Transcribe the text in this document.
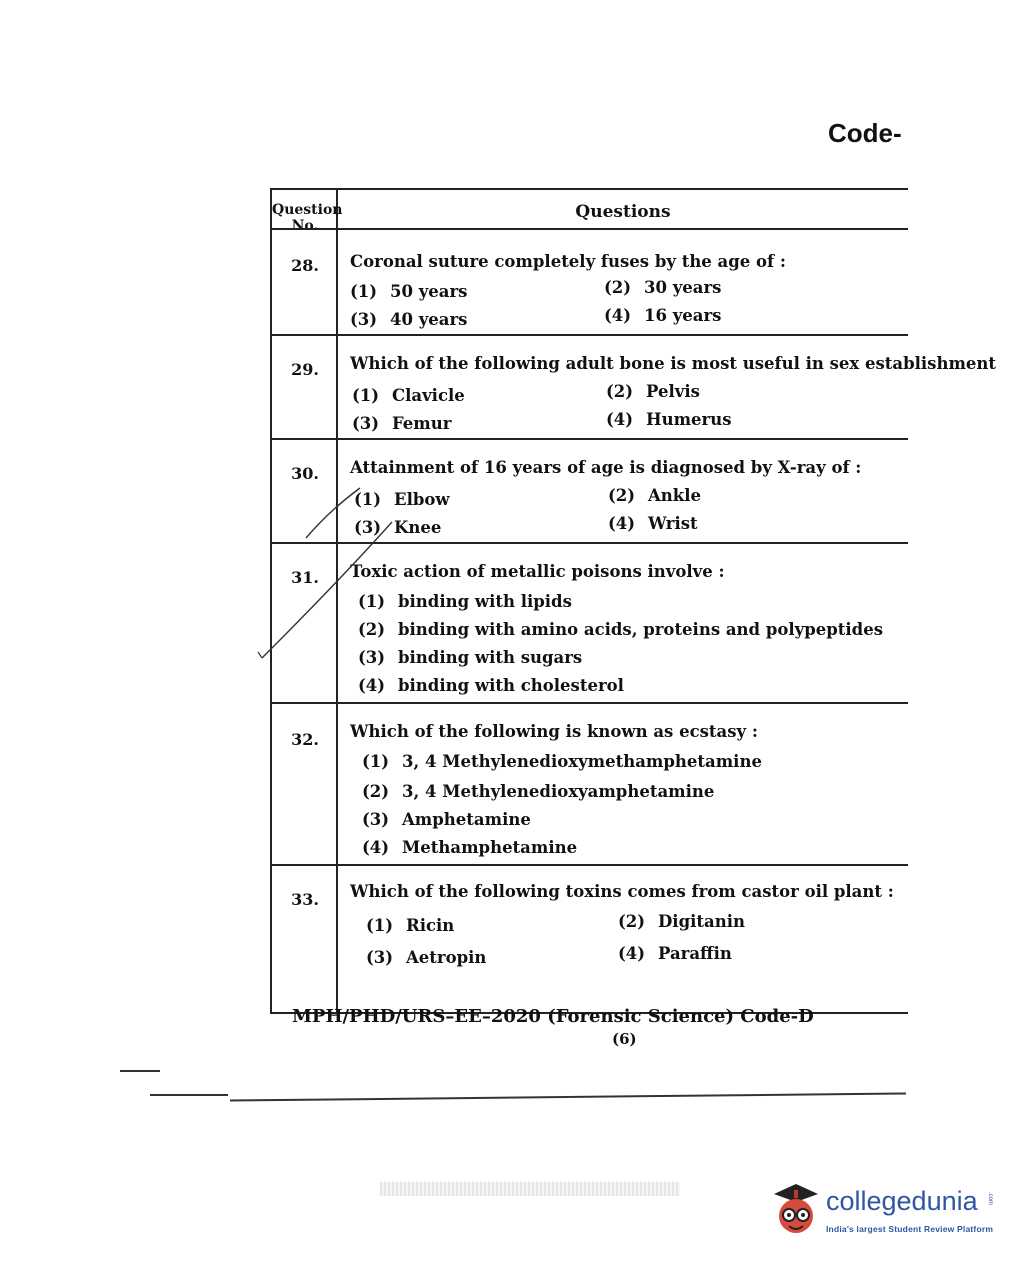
Code-
Question No.
Questions
28.	Coronal suture completely fuses by the age of :
(1) 50 years	(2) 30 years
(3) 40 years	(4) 16 years
29.	Which of the following adult bone is most useful in sex establishment
(1) Clavicle	(2) Pelvis
(3) Femur	(4) Humerus
30.	Attainment of 16 years of age is diagnosed by X-ray of :
(1) Elbow	(2) Ankle
(3) Knee	(4) Wrist
31.	Toxic action of metallic poisons involve :
(1) binding with lipids
(2) binding with amino acids, proteins and polypeptides
(3) binding with sugars
(4) binding with cholesterol
32.	Which of the following is known as ecstasy :
(1) 3, 4 Methylenedioxymethamphetamine
(2) 3, 4 Methylenedioxyamphetamine
(3) Amphetamine
(4) Methamphetamine
33.	Which of the following toxins comes from castor oil plant :
(1) Ricin	(2) Digitanin
(3) Aetropin	(4) Paraffin
MPH/PHD/URS–EE–2020 (Forensic Science) Code-D
(6)
collegedunia .com
India's largest Student Review Platform
